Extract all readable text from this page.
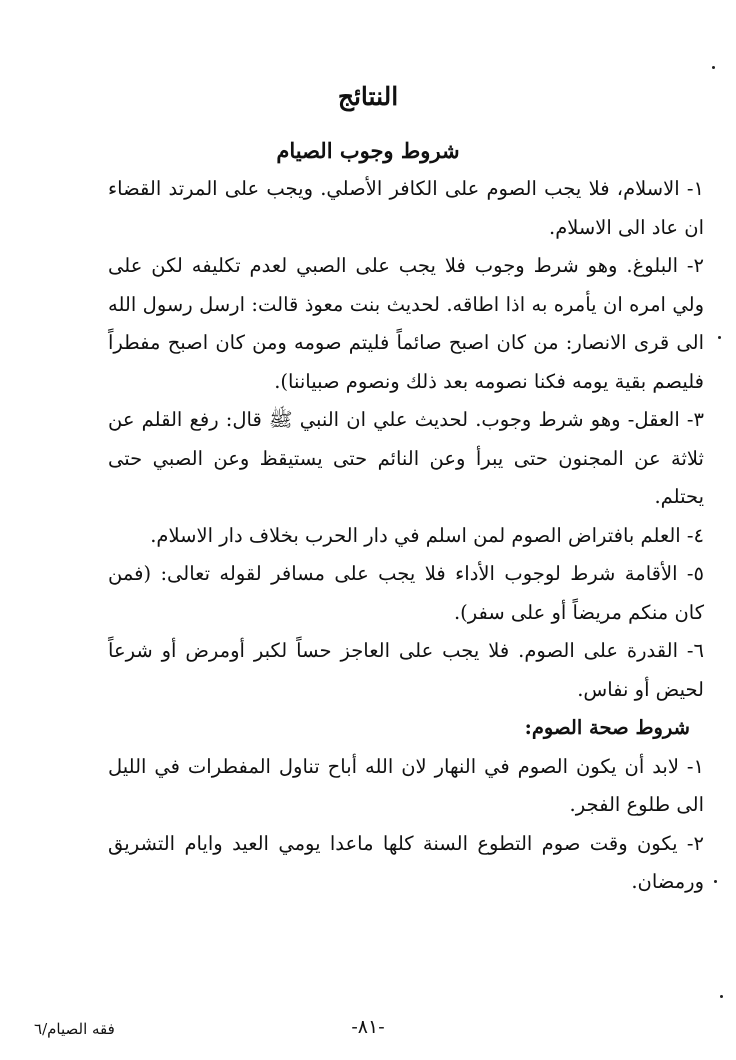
النتائج
شروط وجوب الصيام

١- الاسلام، فلا يجب الصوم على الكافر الأصلي. ويجب على المرتد القضاء ان عاد الى الاسلام.

٢- البلوغ. وهو شرط وجوب فلا يجب على الصبي لعدم تكليفه لكن على ولي امره ان يأمره به اذا اطاقه. لحديث بنت معوذ قالت: ارسل رسول الله الى قرى الانصار: من كان اصبح صائماً فليتم صومه ومن كان اصبح مفطراً فليصم بقية يومه فكنا نصومه بعد ذلك ونصوم صبياننا).

٣- العقل- وهو شرط وجوب. لحديث علي ان النبي ﷺ قال: رفع القلم عن ثلاثة عن المجنون حتى يبرأ وعن النائم حتى يستيقظ وعن الصبي حتى يحتلم.

٤- العلم بافتراض الصوم لمن اسلم في دار الحرب بخلاف دار الاسلام.

٥- الأقامة شرط لوجوب الأداء فلا يجب على مسافر لقوله تعالى: (فمن كان منكم مريضاً أو على سفر).

٦- القدرة على الصوم. فلا يجب على العاجز حساً لكبر أومرض أو شرعاً لحيض أو نفاس.

شروط صحة الصوم:

١- لابد أن يكون الصوم في النهار لان الله أباح تناول المفطرات في الليل الى طلوع الفجر.

٢- يكون وقت صوم التطوع السنة كلها ماعدا يومي العيد وايام التشريق ورمضان.

فقه الصيام/٦	-٨١-
